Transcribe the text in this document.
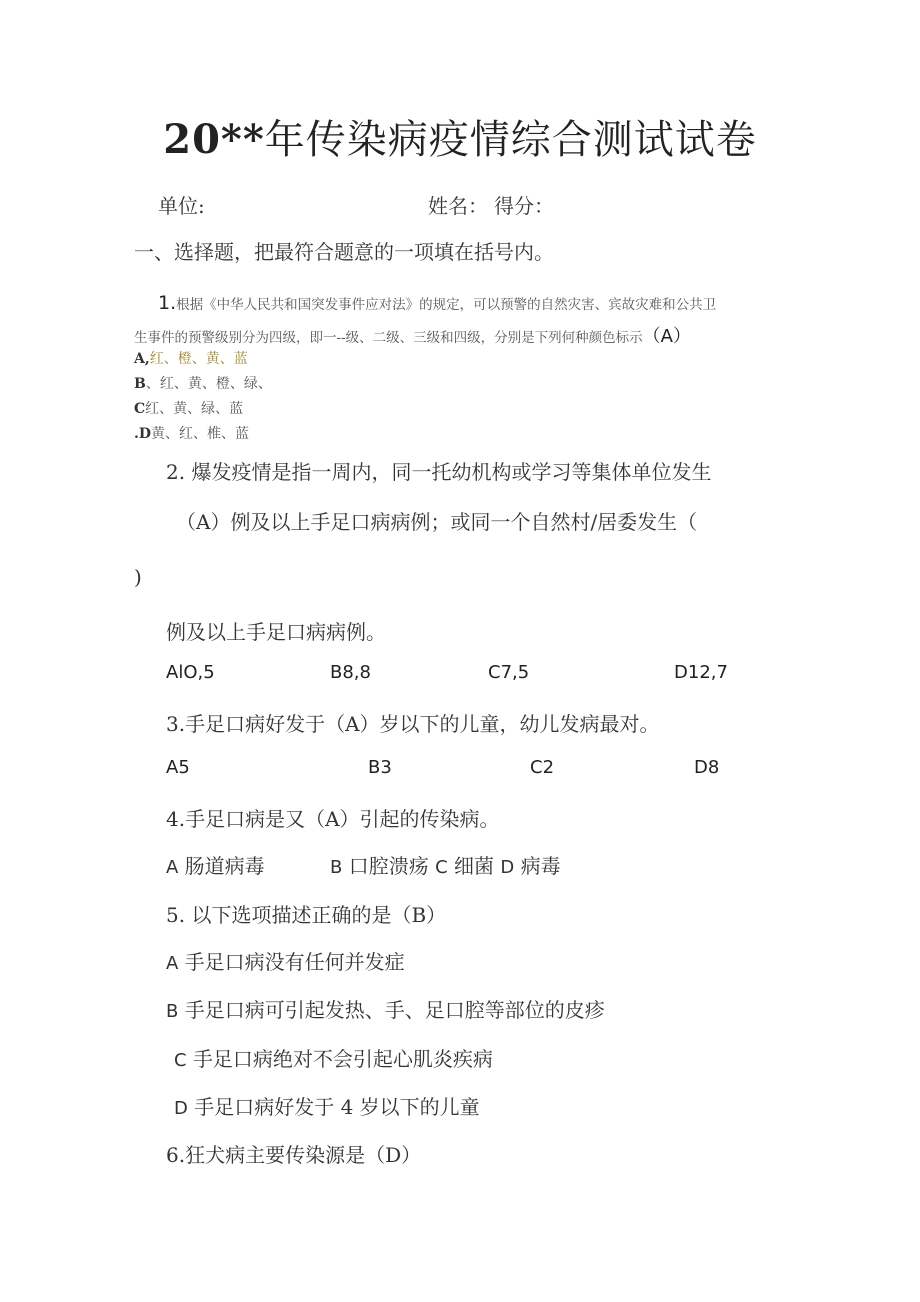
20**年传染病疫情综合测试试卷
单位:	姓名： 得分：
一、选择题，把最符合题意的一项填在括号内。
1.根据《中华人民共和国突发事件应对法》的规定，可以预警的自然灾害、宾故灾难和公共卫
生事件的预警级别分为四级，即一--级、二级、三级和四级，分别是下列何种颜色标示（A）
A,红、橙、黄、蓝
B、红、黄、橙、绿、
C红、黄、绿、蓝
.D黄、红、椎、蓝
2. 爆发疫情是指一周内，同一托幼机构或学习等集体单位发生
（A）例及以上手足口病病例；或同一个自然村/居委发生（
)
例及以上手足口病病例。
AlO,5	B8,8	C7,5	D12,7
3.手足口病好发于（A）岁以下的儿童，幼儿发病最对。
A5	B3	C2	D8
4.手足口病是又（A）引起的传染病。
A 肠道病毒	B 口腔溃疡 C 细菌 D 病毒
5. 以下选项描述正确的是（B）
A 手足口病没有任何并发症
B 手足口病可引起发热、手、足口腔等部位的皮疹
C 手足口病绝对不会引起心肌炎疾病
D 手足口病好发于 4 岁以下的儿童
6.狂犬病主要传染源是（D）
